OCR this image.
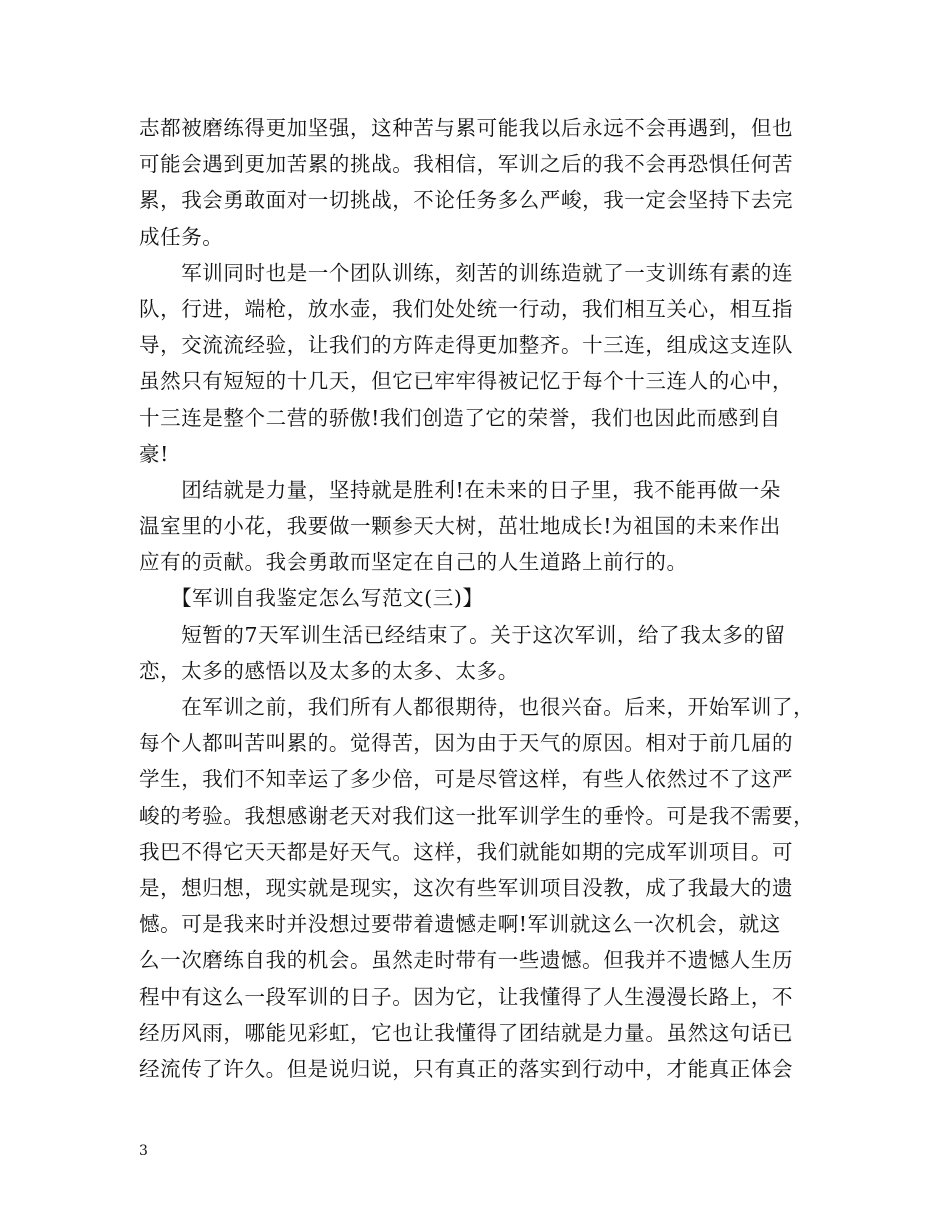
志都被磨练得更加坚强，这种苦与累可能我以后永远不会再遇到，但也
可能会遇到更加苦累的挑战。我相信，军训之后的我不会再恐惧任何苦
累，我会勇敢面对一切挑战，不论任务多么严峻，我一定会坚持下去完
成任务。
　　军训同时也是一个团队训练，刻苦的训练造就了一支训练有素的连
队，行进，端枪，放水壶，我们处处统一行动，我们相互关心，相互指
导，交流流经验，让我们的方阵走得更加整齐。十三连，组成这支连队
虽然只有短短的十几天，但它已牢牢得被记忆于每个十三连人的心中，
十三连是整个二营的骄傲!我们创造了它的荣誉，我们也因此而感到自
豪!
　　团结就是力量，坚持就是胜利!在未来的日子里，我不能再做一朵
温室里的小花，我要做一颗参天大树，茁壮地成长!为祖国的未来作出
应有的贡献。我会勇敢而坚定在自己的人生道路上前行的。
　　【军训自我鉴定怎么写范文(三)】
　　短暂的7天军训生活已经结束了。关于这次军训，给了我太多的留
恋，太多的感悟以及太多的太多、太多。
　　在军训之前，我们所有人都很期待，也很兴奋。后来，开始军训了，
每个人都叫苦叫累的。觉得苦，因为由于天气的原因。相对于前几届的
学生，我们不知幸运了多少倍，可是尽管这样，有些人依然过不了这严
峻的考验。我想感谢老天对我们这一批军训学生的垂怜。可是我不需要，
我巴不得它天天都是好天气。这样，我们就能如期的完成军训项目。可
是，想归想，现实就是现实，这次有些军训项目没教，成了我最大的遗
憾。可是我来时并没想过要带着遗憾走啊!军训就这么一次机会，就这
么一次磨练自我的机会。虽然走时带有一些遗憾。但我并不遗憾人生历
程中有这么一段军训的日子。因为它，让我懂得了人生漫漫长路上，不
经历风雨，哪能见彩虹，它也让我懂得了团结就是力量。虽然这句话已
经流传了许久。但是说归说，只有真正的落实到行动中，才能真正体会
3
